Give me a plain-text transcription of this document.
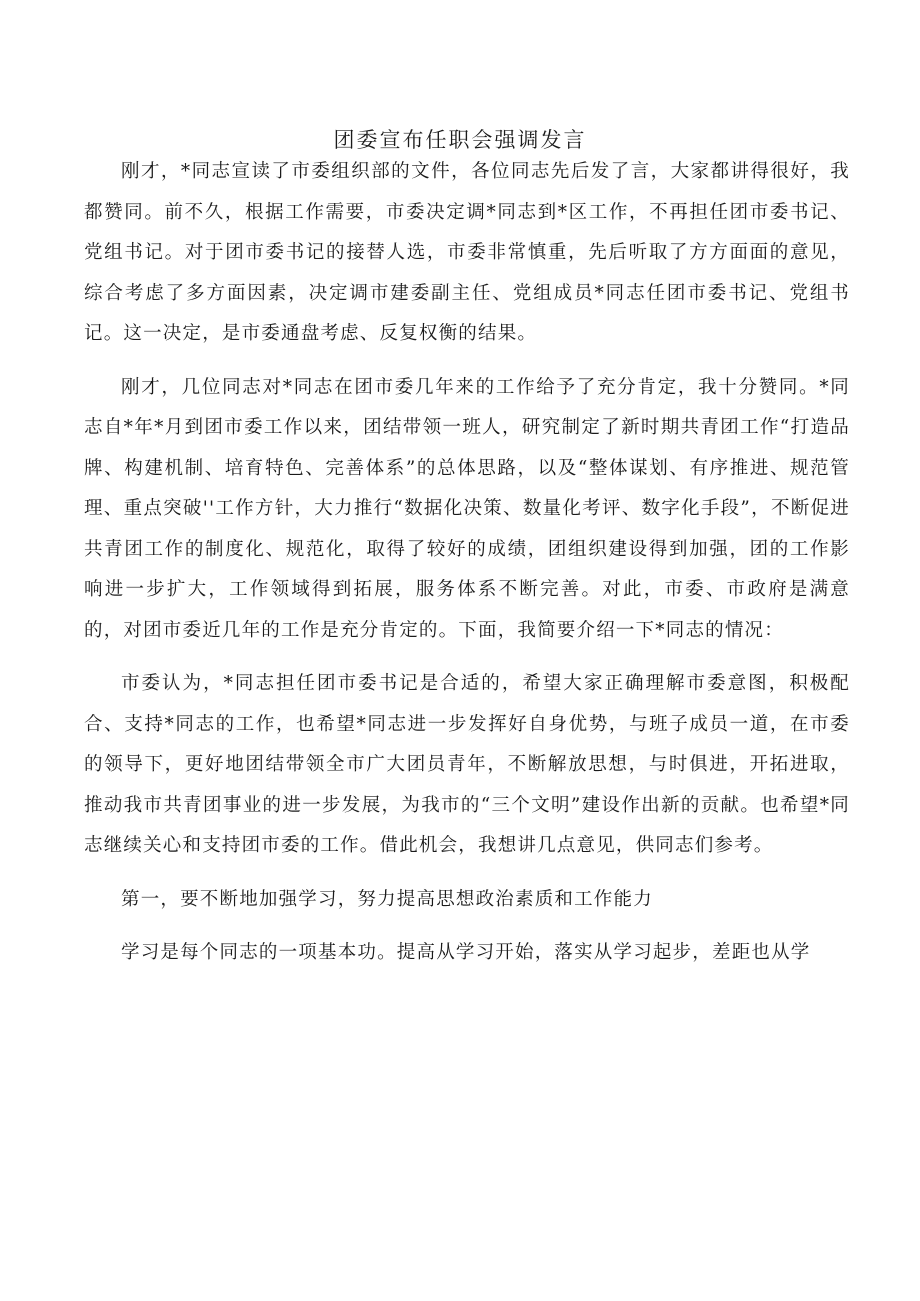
团委宣布任职会强调发言

刚才，*同志宣读了市委组织部的文件，各位同志先后发了言，大家都讲得很好，我都赞同。前不久，根据工作需要，市委决定调*同志到*区工作，不再担任团市委书记、党组书记。对于团市委书记的接替人选，市委非常慎重，先后听取了方方面面的意见，综合考虑了多方面因素，决定调市建委副主任、党组成员*同志任团市委书记、党组书记。这一决定，是市委通盘考虑、反复权衡的结果。

刚才，几位同志对*同志在团市委几年来的工作给予了充分肯定，我十分赞同。*同志自*年*月到团市委工作以来，团结带领一班人，研究制定了新时期共青团工作“打造品牌、构建机制、培育特色、完善体系”的总体思路，以及“整体谋划、有序推进、规范管理、重点突破''工作方针，大力推行“数据化决策、数量化考评、数字化手段”，不断促进共青团工作的制度化、规范化，取得了较好的成绩，团组织建设得到加强，团的工作影响进一步扩大，工作领域得到拓展，服务体系不断完善。对此，市委、市政府是满意的，对团市委近几年的工作是充分肯定的。下面，我简要介绍一下*同志的情况：

市委认为，*同志担任团市委书记是合适的，希望大家正确理解市委意图，积极配合、支持*同志的工作，也希望*同志进一步发挥好自身优势，与班子成员一道，在市委的领导下，更好地团结带领全市广大团员青年，不断解放思想，与时俱进，开拓进取，推动我市共青团事业的进一步发展，为我市的“三个文明”建设作出新的贡献。也希望*同志继续关心和支持团市委的工作。借此机会，我想讲几点意见，供同志们参考。

第一，要不断地加强学习，努力提高思想政治素质和工作能力

学习是每个同志的一项基本功。提高从学习开始，落实从学习起步，差距也从学
